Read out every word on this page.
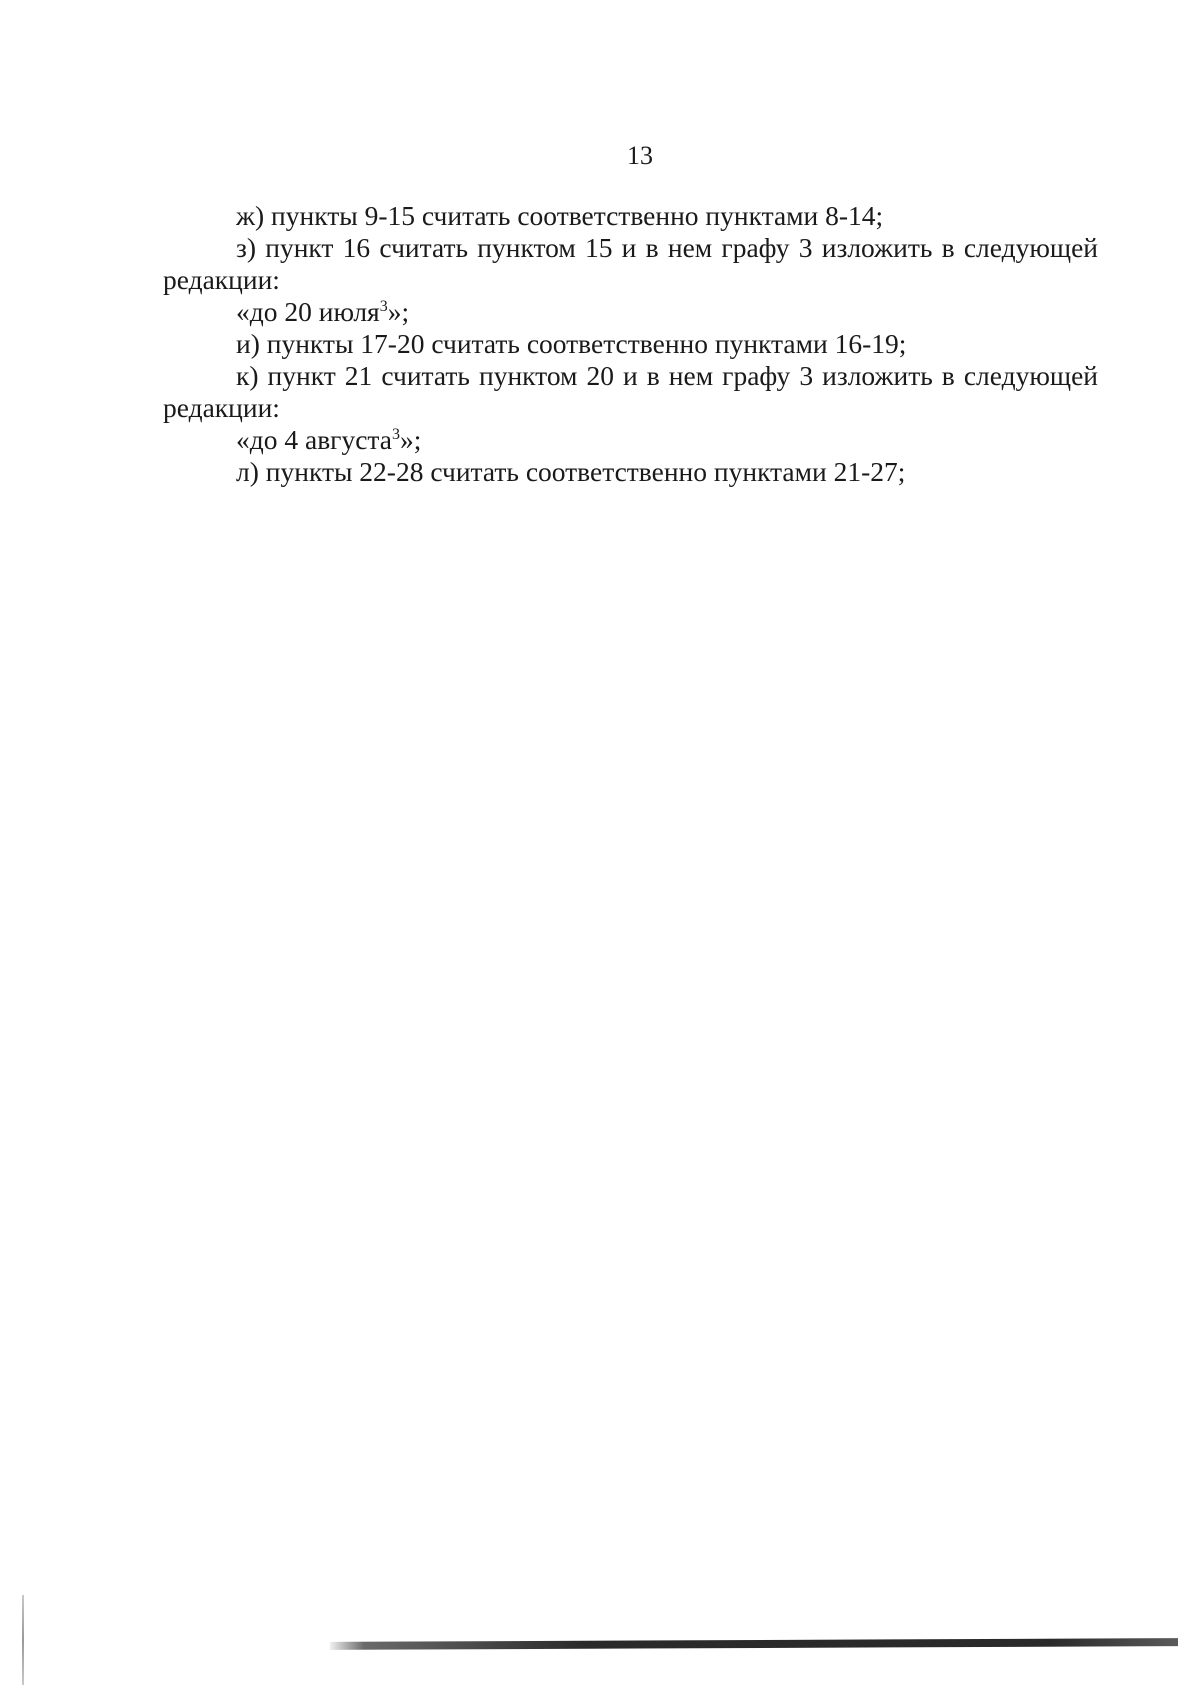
13

ж) пункты 9-15 считать соответственно пунктами 8-14;

з) пункт 16 считать пунктом 15 и в нем графу 3 изложить в следующей редакции:

«до 20 июля$^3$»;

и) пункты 17-20 считать соответственно пунктами 16-19;

к) пункт 21 считать пунктом 20 и в нем графу 3 изложить в следующей редакции:

«до 4 августа$^3$»;

л) пункты 22-28 считать соответственно пунктами 21-27;
